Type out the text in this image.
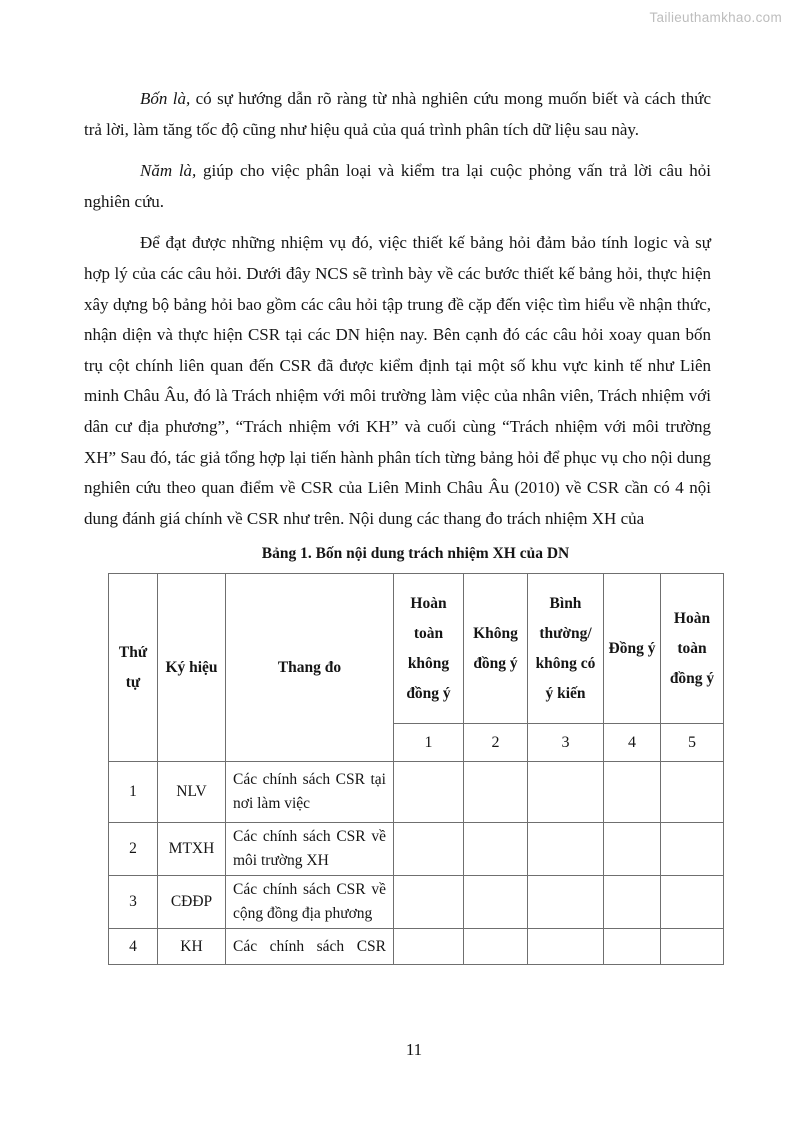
Tailieuthamkhao.com

Bốn là, có sự hướng dẫn rõ ràng từ nhà nghiên cứu mong muốn biết và cách thức trả lời, làm tăng tốc độ cũng như hiệu quả của quá trình phân tích dữ liệu sau này.

Năm là, giúp cho việc phân loại và kiểm tra lại cuộc phỏng vấn trả lời câu hỏi nghiên cứu.

Để đạt được những nhiệm vụ đó, việc thiết kế bảng hỏi đảm bảo tính logic và sự hợp lý của các câu hỏi. Dưới đây NCS sẽ trình bày về các bước thiết kế bảng hỏi, thực hiện xây dựng bộ bảng hỏi bao gồm các câu hỏi tập trung đề cặp đến việc tìm hiểu về nhận thức, nhận diện và thực hiện CSR tại các DN hiện nay. Bên cạnh đó các câu hỏi xoay quan bốn trụ cột chính liên quan đến CSR đã được kiểm định tại một số khu vực kinh tế như Liên minh Châu Âu, đó là Trách nhiệm với môi trường làm việc của nhân viên, Trách nhiệm với dân cư địa phương”, “Trách nhiệm với KH” và cuối cùng “Trách nhiệm với môi trường XH” Sau đó, tác giả tổng hợp lại tiến hành phân tích từng bảng hỏi để phục vụ cho nội dung nghiên cứu theo quan điểm về CSR của Liên Minh Châu Âu (2010) về CSR cần có 4 nội dung đánh giá chính về CSR như trên. Nội dung các thang đo trách nhiệm XH của

Bảng 1. Bốn nội dung trách nhiệm XH của DN
Thứ tự	Ký hiệu	Thang đo	Hoàn toàn không đồng ý	Không đồng ý	Bình thường/ không có ý kiến	Đồng ý	Hoàn toàn đồng ý
			1	2	3	4	5
1	NLV	Các chính sách CSR tại nơi làm việc					
2	MTXH	Các chính sách CSR về môi trường XH					
3	CĐĐP	Các chính sách CSR về cộng đồng địa phương					
4	KH	Các chính sách CSR					
11
